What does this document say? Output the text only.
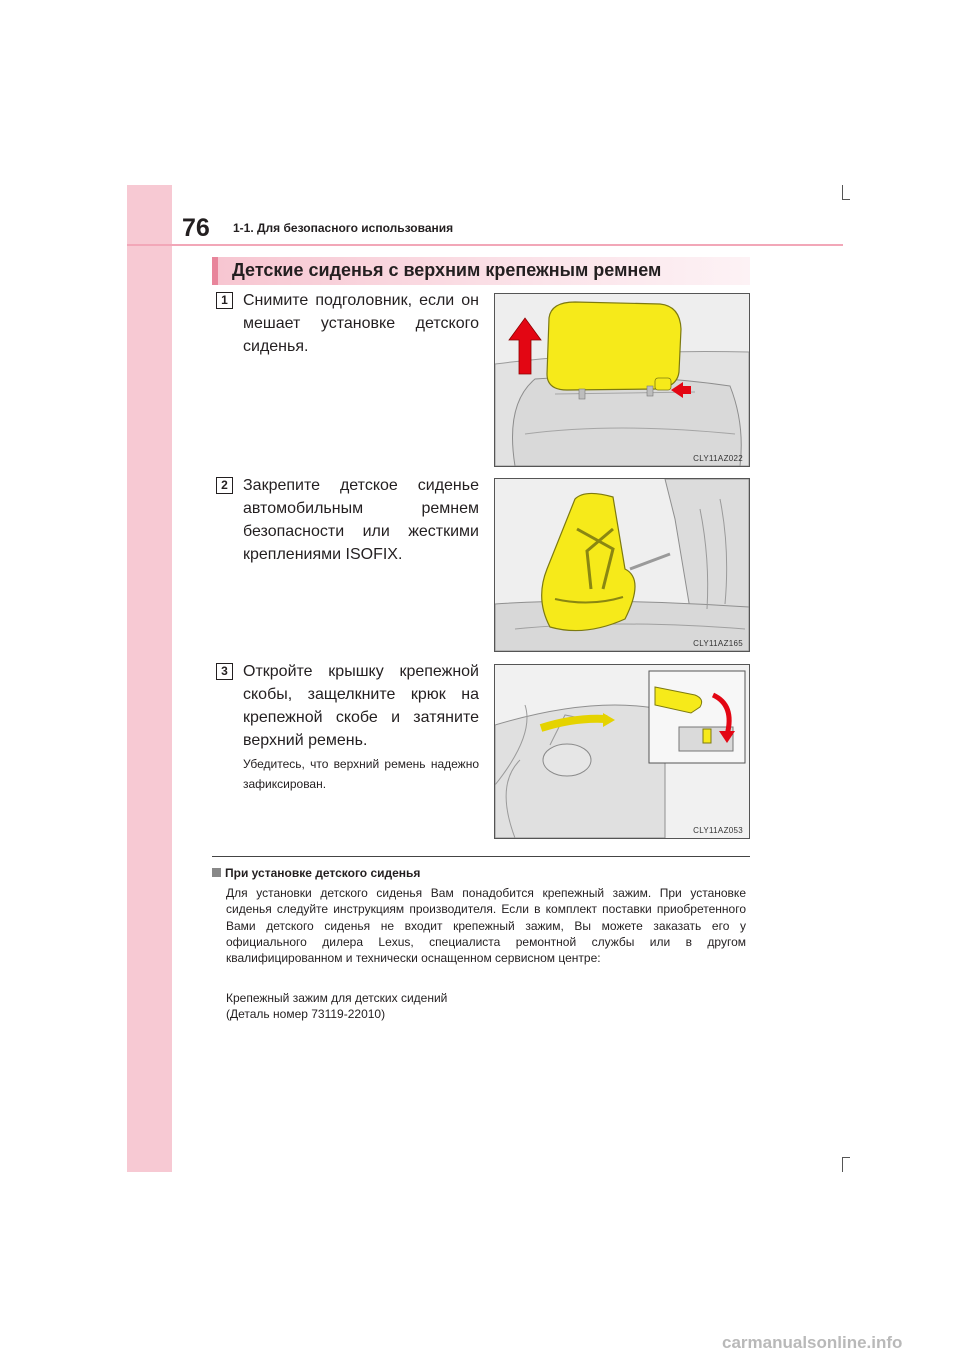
76 1-1. Для безопасного использования
Детские сиденья с верхним крепежным ремнем
1 Снимите подголовник, если он мешает установке детского сиденья.
CLY11AZ022
2 Закрепите детское сиденье автомобильным ремнем безопасности или жесткими креплениями ISOFIX.
CLY11AZ165
3 Откройте крышку крепежной скобы, защелкните крюк на крепежной скобе и затяните верхний ремень.
Убедитесь, что верхний ремень надежно зафиксирован.
CLY11AZ053
При установке детского сиденья
Для установки детского сиденья Вам понадобится крепежный зажим. При установке сиденья следуйте инструкциям производителя. Если в комплект поставки приобретенного Вами детского сиденья не входит крепежный зажим, Вы можете заказать его у официального дилера Lexus, специалиста ремонтной службы или в другом квалифицированном и технически оснащенном сервисном центре:
Крепежный зажим для детских сидений
(Деталь номер 73119-22010)
carmanualsonline.info
